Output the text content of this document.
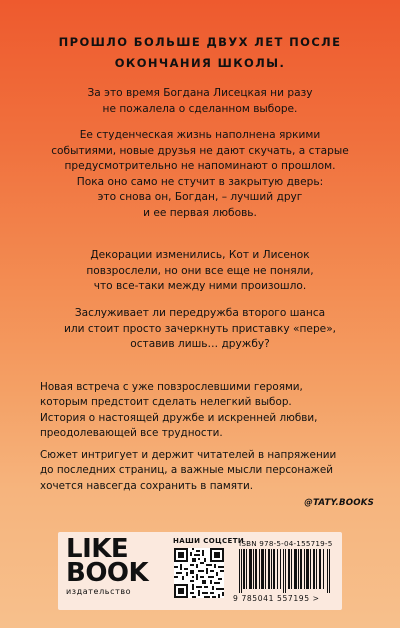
ПРОШЛО БОЛЬШЕ ДВУХ ЛЕТ ПОСЛЕ
ОКОНЧАНИЯ ШКОЛЫ.
За это время Богдана Лисецкая ни разу
не пожалела о сделанном выборе.
Ее студенческая жизнь наполнена яркими
событиями, новые друзья не дают скучать, а старые
предусмотрительно не напоминают о прошлом.
Пока оно само не стучит в закрытую дверь:
это снова он, Богдан, – лучший друг
и ее первая любовь.
Декорации изменились, Кот и Лисенок
повзрослели, но они все еще не поняли,
что все-таки между ними произошло.
Заслуживает ли передружба второго шанса
или стоит просто зачеркнуть приставку «пере»,
оставив лишь… дружбу?
Новая встреча с уже повзрослевшими героями,
которым предстоит сделать нелегкий выбор.
История о настоящей дружбе и искренней любви,
преодолевающей все трудности.
Сюжет интригует и держит читателей в напряжении
до последних страниц, а важные мысли персонажей
хочется навсегда сохранить в памяти.
@TATY.BOOKS
LIKE
BOOK
издательство
НАШИ СОЦСЕТИ
ISBN 978-5-04-155719-5
9 785041 557195 >
